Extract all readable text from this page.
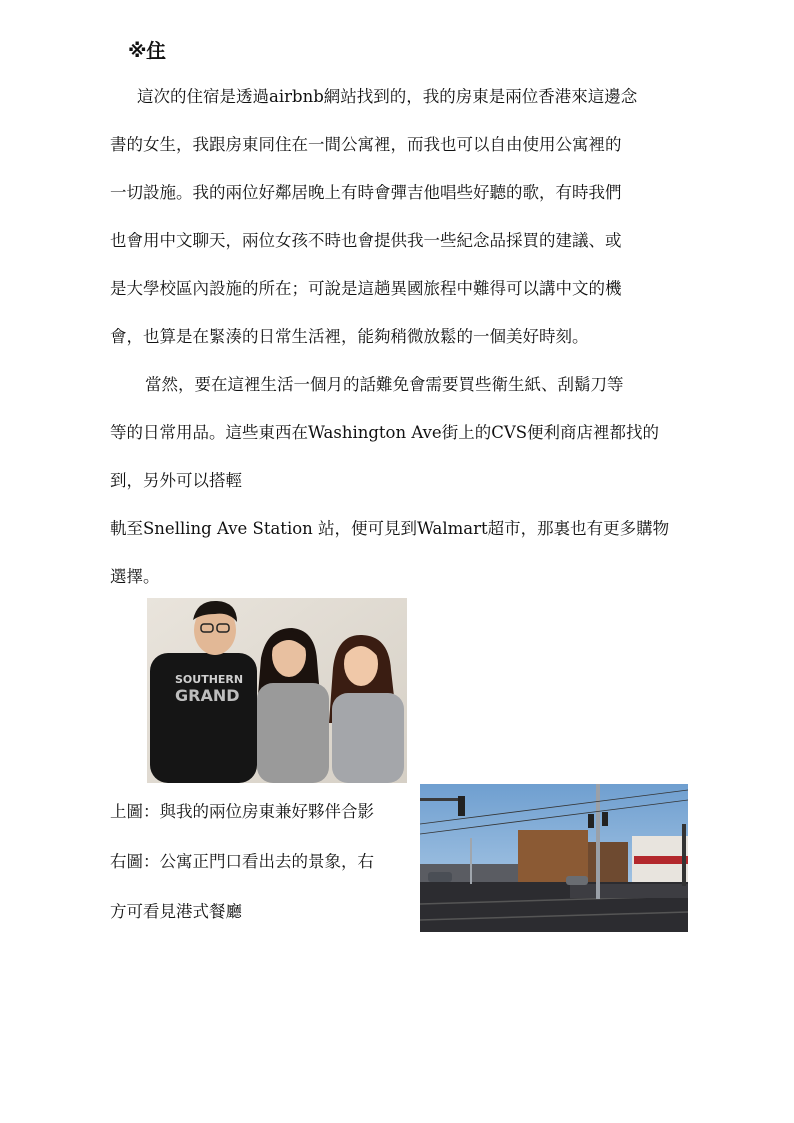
※住
這次的住宿是透過airbnb網站找到的，我的房東是兩位香港來這邊念
書的女生，我跟房東同住在一間公寓裡，而我也可以自由使用公寓裡的
一切設施。我的兩位好鄰居晚上有時會彈吉他唱些好聽的歌，有時我們
也會用中文聊天，兩位女孩不時也會提供我一些紀念品採買的建議、或
是大學校區內設施的所在；可說是這趟異國旅程中難得可以講中文的機
會，也算是在緊湊的日常生活裡，能夠稍微放鬆的一個美好時刻。
當然，要在這裡生活一個月的話難免會需要買些衛生紙、刮鬍刀等
等的日常用品。這些東西在Washington Ave街上的CVS便利商店裡都找的
到，另外可以搭輕
軌至Snelling Ave Station 站，便可見到Walmart超市，那裏也有更多購物
選擇。
SOUTHERN
GRAND
上圖：與我的兩位房東兼好夥伴合影
右圖：公寓正門口看出去的景象，右
方可看見港式餐廳
